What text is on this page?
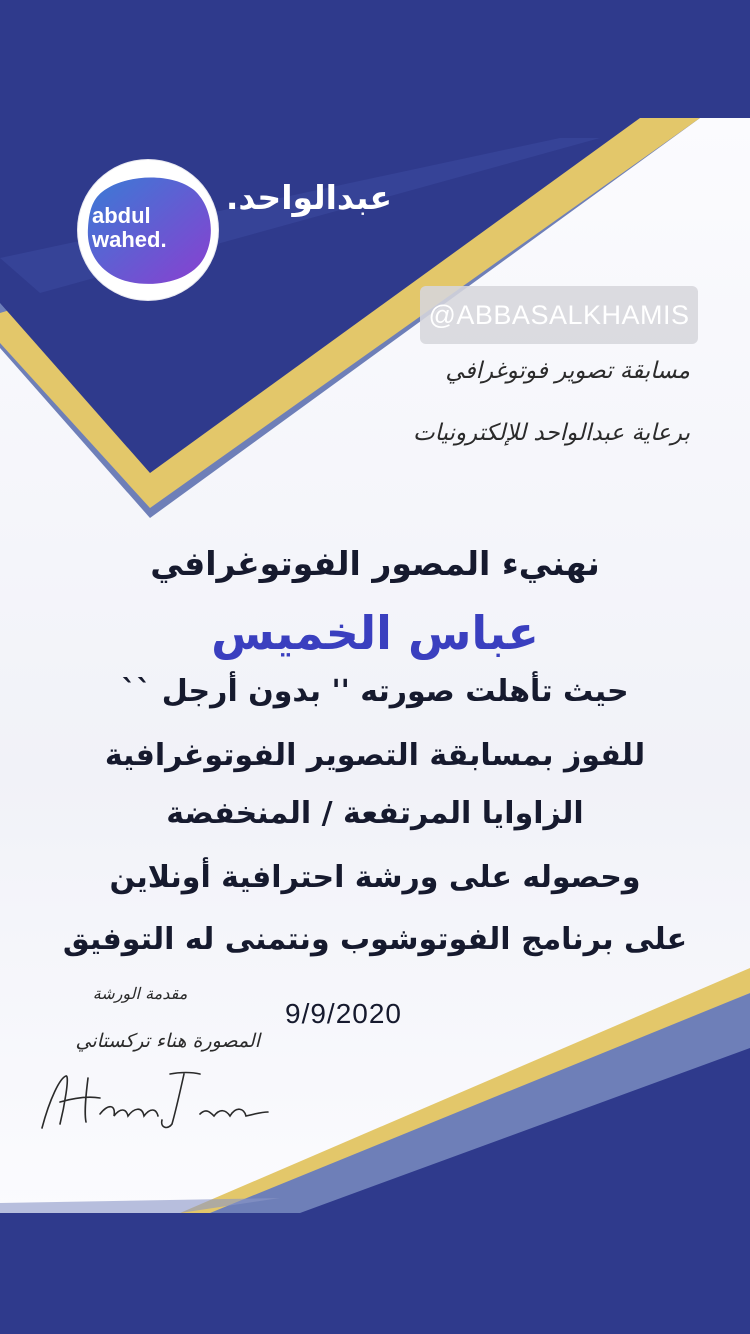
abdul
wahed.
عبدالواحد.
@ABBASALKHAMIS
مسابقة تصوير فوتوغرافي
برعاية عبدالواحد للإلكترونيات
نهنيء المصور الفوتوغرافي
عباس الخميس
حيث تأهلت صورته '' بدون أرجل ``
للفوز بمسابقة التصوير الفوتوغرافية
الزاوايا المرتفعة / المنخفضة
وحصوله على ورشة احترافية أونلاين
على برنامج الفوتوشوب ونتمنى له التوفيق
9/9/2020
مقدمة الورشة
المصورة هناء تركستاني
